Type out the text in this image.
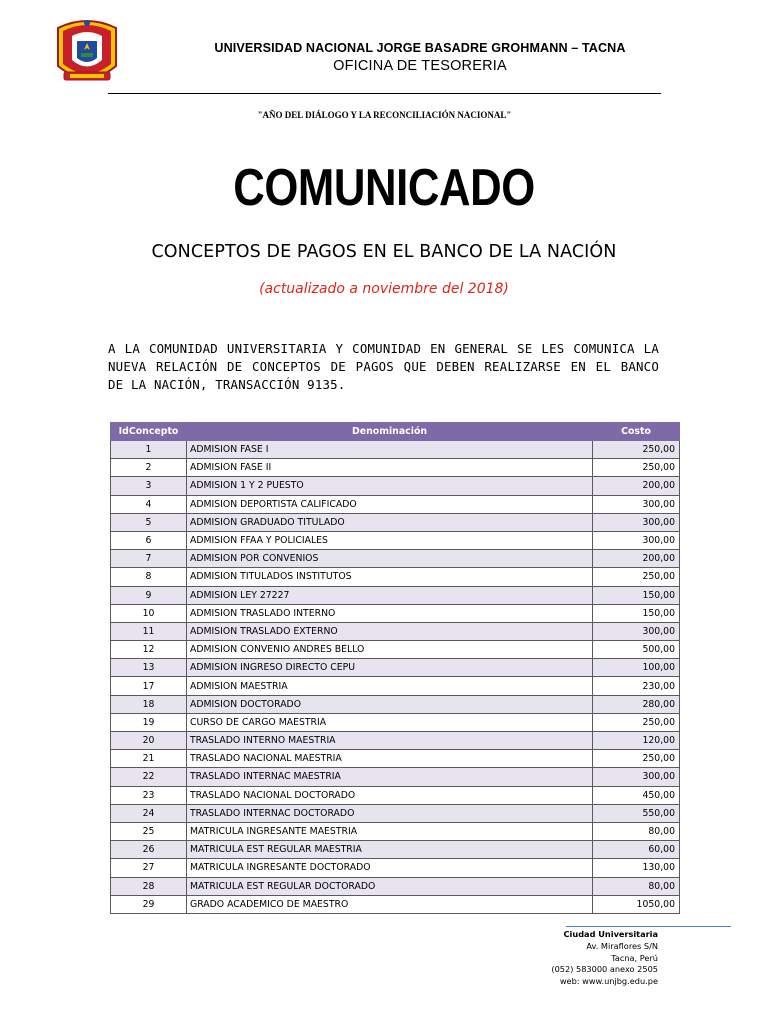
UNIVERSIDAD NACIONAL JORGE BASADRE GROHMANN – TACNA
OFICINA DE TESORERIA
"AÑO DEL DIÁLOGO Y LA RECONCILIACIÓN NACIONAL"
COMUNICADO
CONCEPTOS DE PAGOS EN EL BANCO DE LA NACIÓN
(actualizado a noviembre del 2018)
A LA COMUNIDAD UNIVERSITARIA Y COMUNIDAD EN GENERAL SE LES COMUNICA LA NUEVA RELACIÓN DE CONCEPTOS DE PAGOS QUE DEBEN REALIZARSE EN EL BANCO DE LA NACIÓN, TRANSACCIÓN 9135.
IdConcepto	Denominación	Costo
1	ADMISION FASE I	250,00
2	ADMISION FASE II	250,00
3	ADMISION 1 Y 2 PUESTO	200,00
4	ADMISION DEPORTISTA CALIFICADO	300,00
5	ADMISION GRADUADO TITULADO	300,00
6	ADMISION FFAA Y POLICIALES	300,00
7	ADMISION POR CONVENIOS	200,00
8	ADMISION TITULADOS INSTITUTOS	250,00
9	ADMISION LEY 27227	150,00
10	ADMISION TRASLADO INTERNO	150,00
11	ADMISION TRASLADO EXTERNO	300,00
12	ADMISION CONVENIO ANDRES BELLO	500,00
13	ADMISION INGRESO DIRECTO CEPU	100,00
17	ADMISION MAESTRIA	230,00
18	ADMISION DOCTORADO	280,00
19	CURSO DE CARGO MAESTRIA	250,00
20	TRASLADO INTERNO MAESTRIA	120,00
21	TRASLADO NACIONAL MAESTRIA	250,00
22	TRASLADO INTERNAC MAESTRIA	300,00
23	TRASLADO NACIONAL DOCTORADO	450,00
24	TRASLADO INTERNAC DOCTORADO	550,00
25	MATRICULA INGRESANTE MAESTRIA	80,00
26	MATRICULA EST REGULAR MAESTRIA	60,00
27	MATRICULA INGRESANTE DOCTORADO	130,00
28	MATRICULA EST REGULAR DOCTORADO	80,00
29	GRADO ACADEMICO DE MAESTRO	1050,00
Ciudad Universitaria
Av. Miraflores S/N
Tacna, Perú
(052) 583000 anexo 2505
web: www.unjbg.edu.pe
